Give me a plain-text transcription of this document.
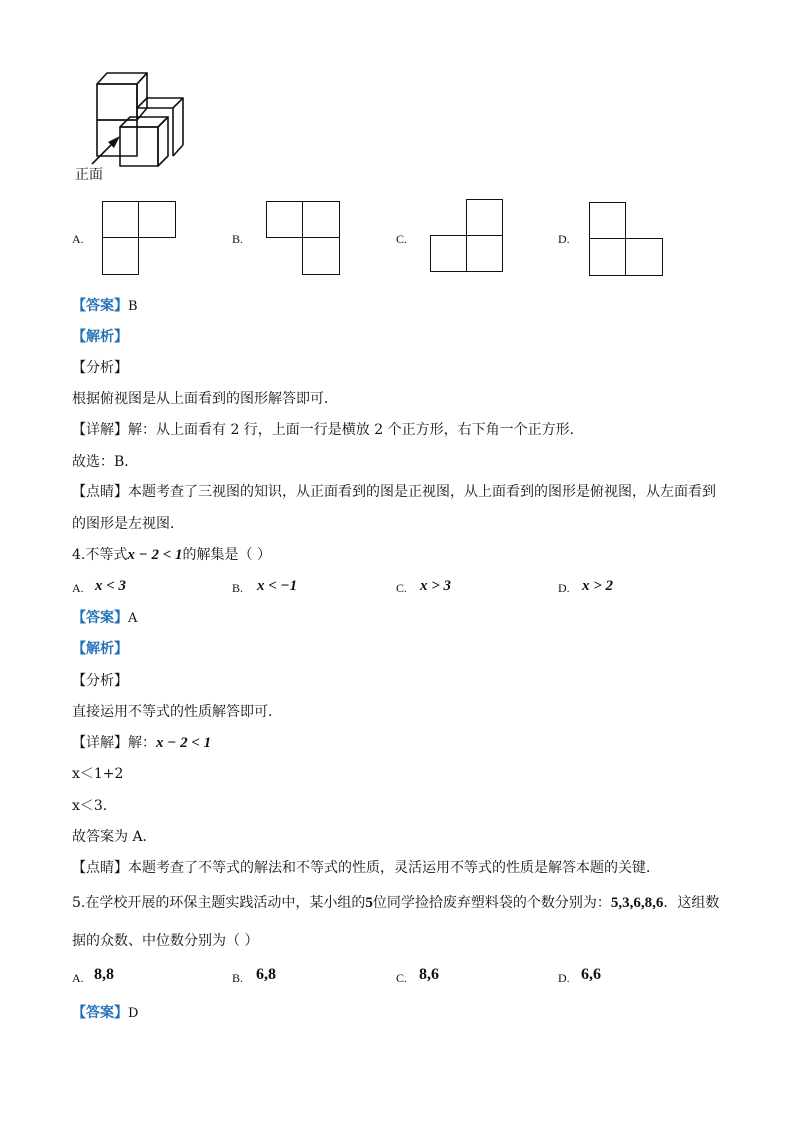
正面
A.	B.	C.	D.
【答案】B
【解析】
【分析】
根据俯视图是从上面看到的图形解答即可．
【详解】解：从上面看有 2 行，上面一行是横放 2 个正方形，右下角一个正方形．
故选：B．
【点睛】本题考查了三视图的知识，从正面看到的图是正视图，从上面看到的图形是俯视图，从左面看到
的图形是左视图．
4.不等式x − 2 < 1的解集是（ ）
A. x < 3	B. x < −1	C. x > 3	D. x > 2
【答案】A
【解析】
【分析】
直接运用不等式的性质解答即可．
【详解】解：x − 2 < 1
x＜1+2
x＜3．
故答案为 A．
【点睛】本题考查了不等式的解法和不等式的性质，灵活运用不等式的性质是解答本题的关键．
5.在学校开展的环保主题实践活动中，某小组的5位同学捡拾废弃塑料袋的个数分别为：5,3,6,8,6．这组数
据的众数、中位数分别为（ ）
A. 8,8	B. 6,8	C. 8,6	D. 6,6
【答案】D
